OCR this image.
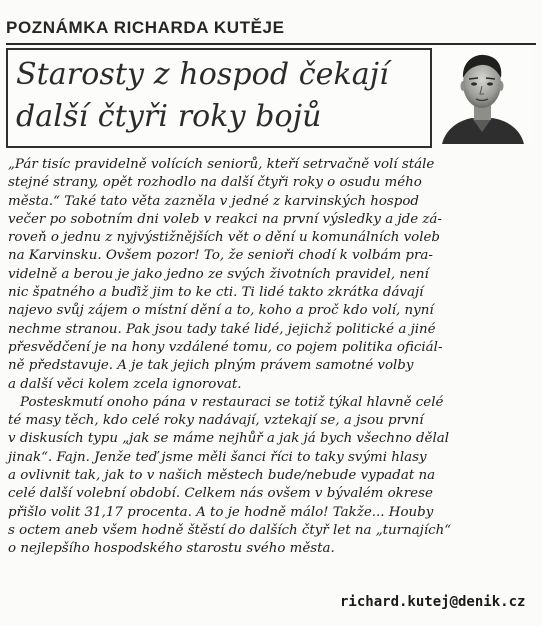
POZNÁMKA RICHARDA KUTĚJE
Starosty z hospod čekají
další čtyři roky bojů
„Pár tisíc pravidelně volících seniorů, kteří setrvačně volí stále
stejné strany, opět rozhodlo na další čtyři roky o osudu mého
města.“ Také tato věta zazněla v jedné z karvinských hospod
večer po sobotním dni voleb v reakci na první výsledky a jde zá-
roveň o jednu z nyjvýstižnějších vět o dění u komunálních voleb
na Karvinsku. Ovšem pozor! To, že senioři chodí k volbám pra-
videlně a berou je jako jedno ze svých životních pravidel, není
nic špatného a buďiž jim to ke cti. Ti lidé takto zkrátka dávají
najevo svůj zájem o místní dění a to, koho a proč kdo volí, nyní
nechme stranou. Pak jsou tady také lidé, jejichž politické a jiné
přesvědčení je na hony vzdálené tomu, co pojem politika oficiál-
ně představuje. A je tak jejich plným právem samotné volby
a další věci kolem zcela ignorovat.
Posteskmutí onoho pána v restauraci se totiž týkal hlavně celé
té masy těch, kdo celé roky nadávají, vztekají se, a jsou první
v diskusích typu „jak se máme nejhůř a jak já bych všechno dělal
jinak“. Fajn. Jenže teď jsme měli šanci říci to taky svými hlasy
a ovlivnit tak, jak to v našich městech bude/nebude vypadat na
celé další volební období. Celkem nás ovšem v bývalém okrese
přišlo volit 31,17 procenta. A to je hodně málo! Takže... Houby
s octem aneb všem hodně štěstí do dalších čtyř let na „turnajích“
o nejlepšího hospodského starostu svého města.
richard.kutej@denik.cz
